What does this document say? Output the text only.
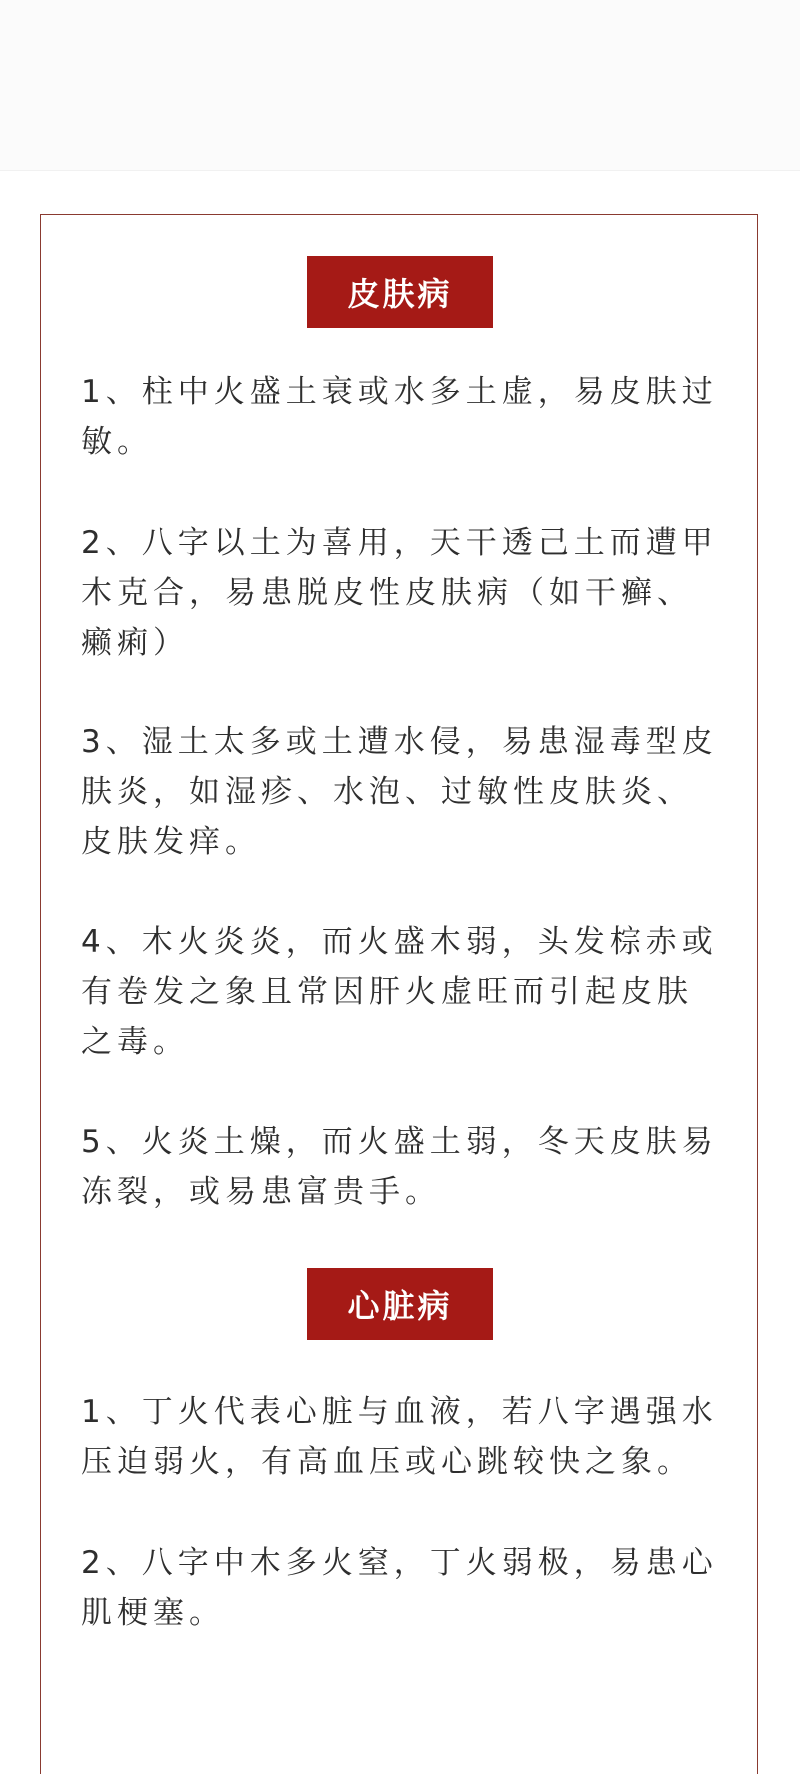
皮肤病

1、柱中火盛土衰或水多土虚，易皮肤过敏。

2、八字以土为喜用，天干透己土而遭甲木克合，易患脱皮性皮肤病（如干癣、癞痢）

3、湿土太多或土遭水侵，易患湿毒型皮肤炎，如湿疹、水泡、过敏性皮肤炎、皮肤发痒。

4、木火炎炎，而火盛木弱，头发棕赤或有卷发之象且常因肝火虚旺而引起皮肤之毒。

5、火炎土燥，而火盛土弱，冬天皮肤易冻裂，或易患富贵手。

心脏病

1、丁火代表心脏与血液，若八字遇强水压迫弱火，有高血压或心跳较快之象。

2、八字中木多火窒，丁火弱极，易患心肌梗塞。
